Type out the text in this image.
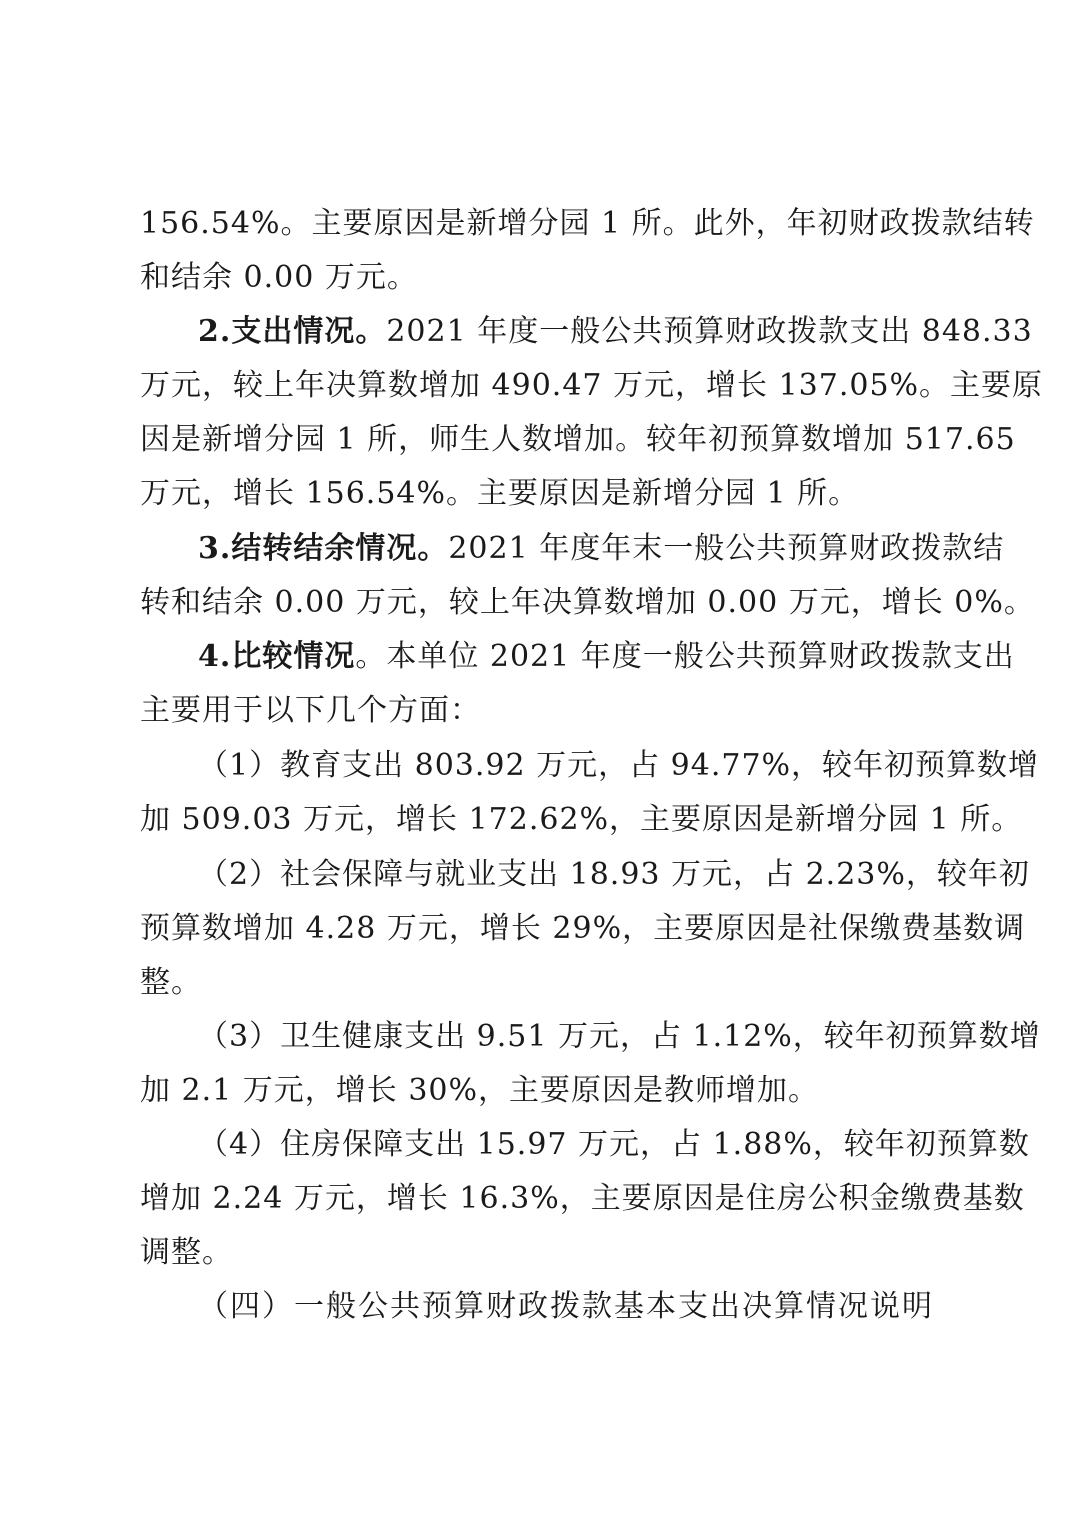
156.54%。主要原因是新增分园 1 所。此外，年初财政拨款结转
和结余 0.00 万元。
2.支出情况。2021 年度一般公共预算财政拨款支出 848.33
万元，较上年决算数增加 490.47 万元，增长 137.05%。主要原
因是新增分园 1 所，师生人数增加。较年初预算数增加 517.65
万元，增长 156.54%。主要原因是新增分园 1 所。
3.结转结余情况。2021 年度年末一般公共预算财政拨款结
转和结余 0.00 万元，较上年决算数增加 0.00 万元，增长 0%。
4.比较情况。本单位 2021 年度一般公共预算财政拨款支出
主要用于以下几个方面：
（1）教育支出 803.92 万元，占 94.77%，较年初预算数增
加 509.03 万元，增长 172.62%，主要原因是新增分园 1 所。
（2）社会保障与就业支出 18.93 万元，占 2.23%，较年初
预算数增加 4.28 万元，增长 29%，主要原因是社保缴费基数调
整。
（3）卫生健康支出 9.51 万元，占 1.12%，较年初预算数增
加 2.1 万元，增长 30%，主要原因是教师增加。
（4）住房保障支出 15.97 万元，占 1.88%，较年初预算数
增加 2.24 万元，增长 16.3%，主要原因是住房公积金缴费基数
调整。
（四）一般公共预算财政拨款基本支出决算情况说明
